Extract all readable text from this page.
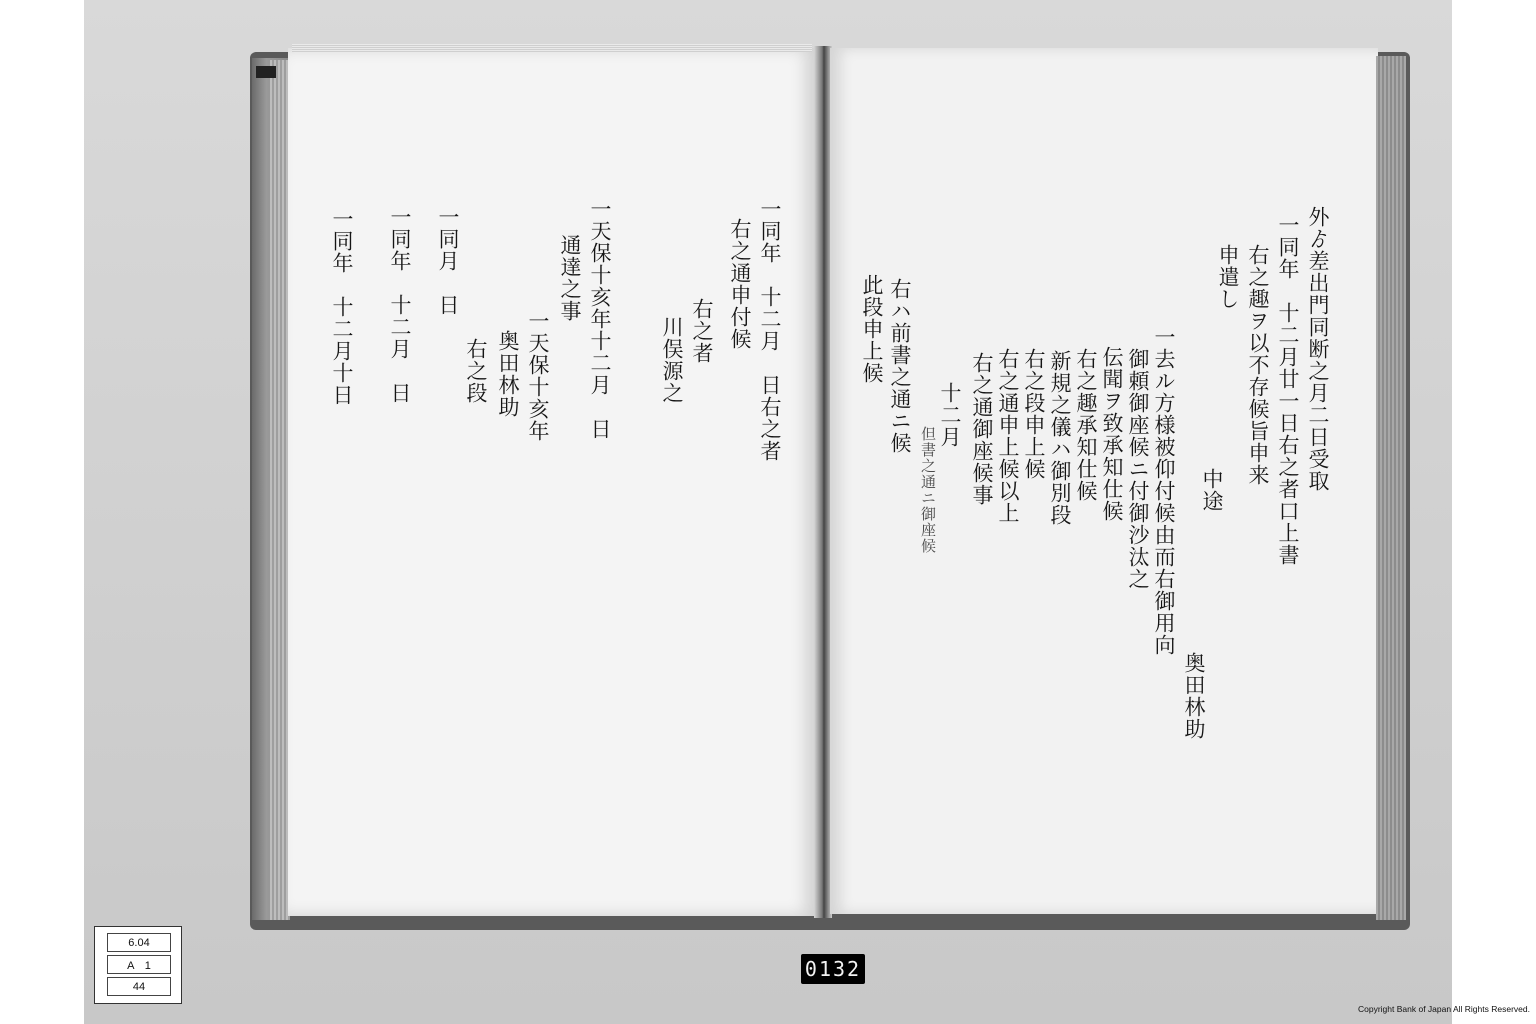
一同年　十二月　日右之者
右之通申付候
右之者
川俣源之
一天保十亥年十二月　日
通達之事
一天保十亥年
奥田林助
右之段
一同月　日
一同年　十二月　日
一同年　十二月十日	外ゟ差出門同断之月二日受取
一同年　十二月廿一日右之者口上書
右之趣ヲ以不存候旨申来
申遣し
中途
奥田林助
一去ル方様被仰付候由而右御用向
御頼御座候ニ付御沙汰之
伝聞ヲ致承知仕候
右之趣承知仕候
新規之儀ハ御別段
右之段申上候
右之通申上候以上
右之通御座候事
十二月
但書之通ニ御座候
右ハ前書之通ニ候
此段申上候
6.04
A　1
44
0132
Copyright Bank of Japan All Rights Reserved.
